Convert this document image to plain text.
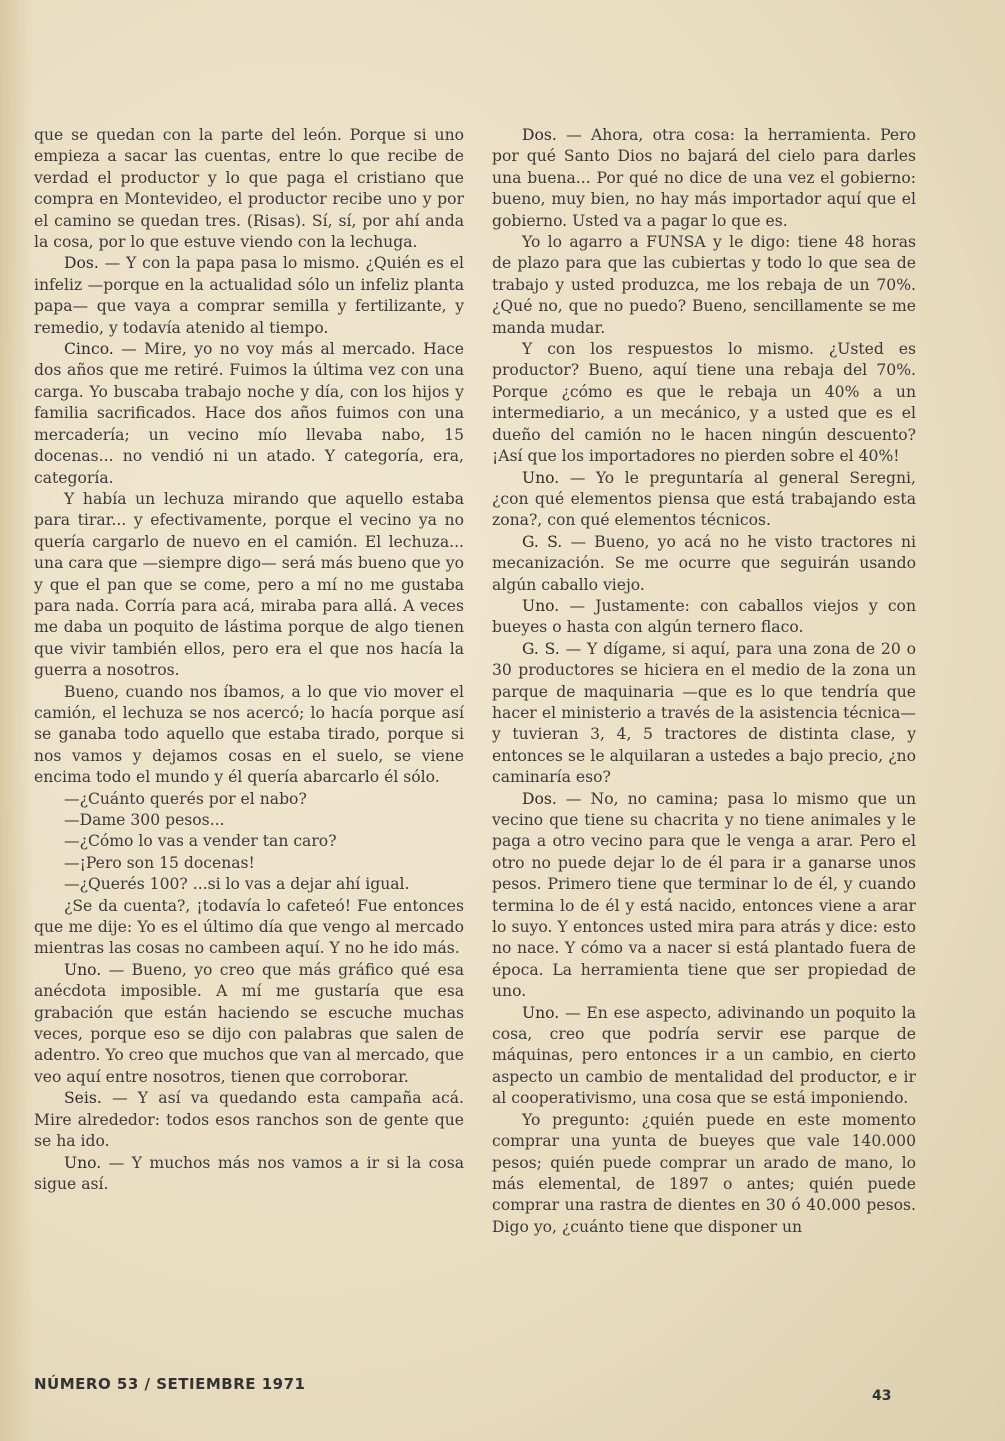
que se quedan con la parte del león. Porque si uno empieza a sacar las cuentas, entre lo que recibe de verdad el productor y lo que paga el cristiano que compra en Montevideo, el productor recibe uno y por el camino se quedan tres. (Risas). Sí, sí, por ahí anda la cosa, por lo que estuve viendo con la lechuga.

Dos. — Y con la papa pasa lo mismo. ¿Quién es el infeliz —porque en la actualidad sólo un infeliz planta papa— que vaya a comprar semilla y fertilizante, y remedio, y todavía atenido al tiempo.

Cinco. — Mire, yo no voy más al mercado. Hace dos años que me retiré. Fuimos la última vez con una carga. Yo buscaba trabajo noche y día, con los hijos y familia sacrificados. Hace dos años fuimos con una mercadería; un vecino mío llevaba nabo, 15 docenas... no vendió ni un atado. Y categoría, era, categoría.

Y había un lechuza mirando que aquello estaba para tirar... y efectivamente, porque el vecino ya no quería cargarlo de nuevo en el camión. El lechuza... una cara que —siempre digo— será más bueno que yo y que el pan que se come, pero a mí no me gustaba para nada. Corría para acá, miraba para allá. A veces me daba un poquito de lástima porque de algo tienen que vivir también ellos, pero era el que nos hacía la guerra a nosotros.

Bueno, cuando nos íbamos, a lo que vio mover el camión, el lechuza se nos acercó; lo hacía porque así se ganaba todo aquello que estaba tirado, porque si nos vamos y dejamos cosas en el suelo, se viene encima todo el mundo y él quería abarcarlo él sólo.

—¿Cuánto querés por el nabo?

—Dame 300 pesos...

—¿Cómo lo vas a vender tan caro?

—¡Pero son 15 docenas!

—¿Querés 100? ...si lo vas a dejar ahí igual.

¿Se da cuenta?, ¡todavía lo cafeteó! Fue entonces que me dije: Yo es el último día que vengo al mercado mientras las cosas no cambeen aquí. Y no he ido más.

Uno. — Bueno, yo creo que más gráfico qué esa anécdota imposible. A mí me gustaría que esa grabación que están haciendo se escuche muchas veces, porque eso se dijo con palabras que salen de adentro. Yo creo que muchos que van al mercado, que veo aquí entre nosotros, tienen que corroborar.

Seis. — Y así va quedando esta campaña acá. Mire alrededor: todos esos ranchos son de gente que se ha ido.

Uno. — Y muchos más nos vamos a ir si la cosa sigue así.

Dos. — Ahora, otra cosa: la herramienta. Pero por qué Santo Dios no bajará del cielo para darles una buena... Por qué no dice de una vez el gobierno: bueno, muy bien, no hay más importador aquí que el gobierno. Usted va a pagar lo que es.

Yo lo agarro a FUNSA y le digo: tiene 48 horas de plazo para que las cubiertas y todo lo que sea de trabajo y usted produzca, me los rebaja de un 70%. ¿Qué no, que no puedo? Bueno, sencillamente se me manda mudar.

Y con los respuestos lo mismo. ¿Usted es productor? Bueno, aquí tiene una rebaja del 70%. Porque ¿cómo es que le rebaja un 40% a un intermediario, a un mecánico, y a usted que es el dueño del camión no le hacen ningún descuento? ¡Así que los importadores no pierden sobre el 40%!

Uno. — Yo le preguntaría al general Seregni, ¿con qué elementos piensa que está trabajando esta zona?, con qué elementos técnicos.

G. S. — Bueno, yo acá no he visto tractores ni mecanización. Se me ocurre que seguirán usando algún caballo viejo.

Uno. — Justamente: con caballos viejos y con bueyes o hasta con algún ternero flaco.

G. S. — Y dígame, si aquí, para una zona de 20 o 30 productores se hiciera en el medio de la zona un parque de maquinaria —que es lo que tendría que hacer el ministerio a través de la asistencia técnica— y tuvieran 3, 4, 5 tractores de distinta clase, y entonces se le alquilaran a ustedes a bajo precio, ¿no caminaría eso?

Dos. — No, no camina; pasa lo mismo que un vecino que tiene su chacrita y no tiene animales y le paga a otro vecino para que le venga a arar. Pero el otro no puede dejar lo de él para ir a ganarse unos pesos. Primero tiene que terminar lo de él, y cuando termina lo de él y está nacido, entonces viene a arar lo suyo. Y entonces usted mira para atrás y dice: esto no nace. Y cómo va a nacer si está plantado fuera de época. La herramienta tiene que ser propiedad de uno.

Uno. — En ese aspecto, adivinando un poquito la cosa, creo que podría servir ese parque de máquinas, pero entonces ir a un cambio, en cierto aspecto un cambio de mentalidad del productor, e ir al cooperativismo, una cosa que se está imponiendo.

Yo pregunto: ¿quién puede en este momento comprar una yunta de bueyes que vale 140.000 pesos; quién puede comprar un arado de mano, lo más elemental, de 1897 o antes; quién puede comprar una rastra de dientes en 30 ó 40.000 pesos. Digo yo, ¿cuánto tiene que disponer un

NÚMERO 53 / SETIEMBRE 1971
43
